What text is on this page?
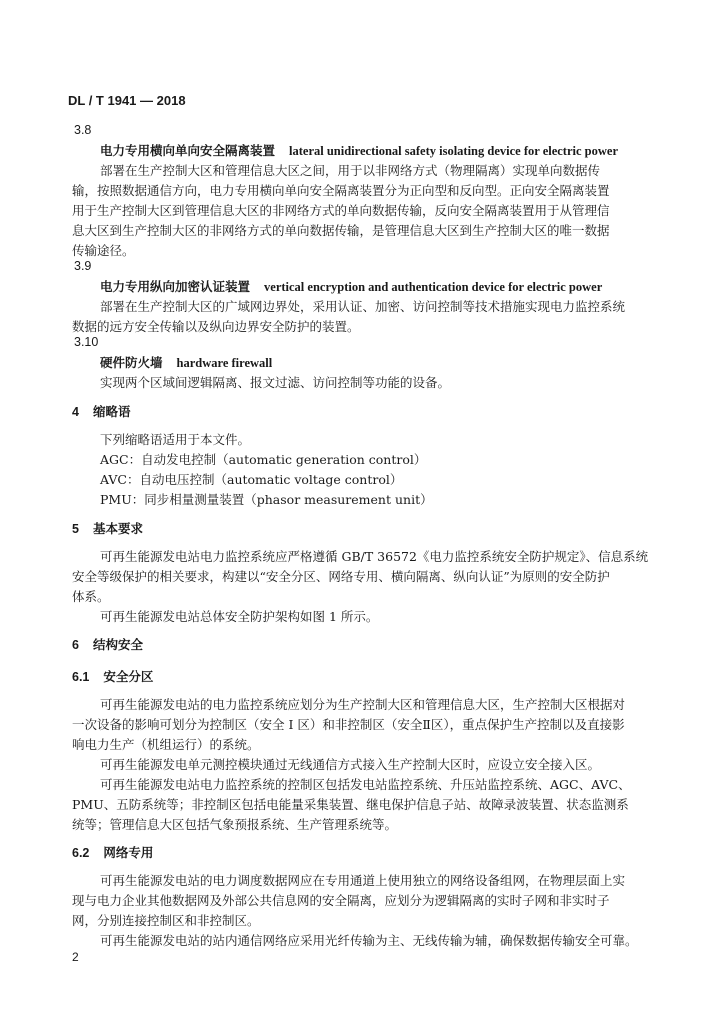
DL / T 1941 — 2018
3.8
电力专用横向单向安全隔离装置 lateral unidirectional safety isolating device for electric power
部署在生产控制大区和管理信息大区之间，用于以非网络方式（物理隔离）实现单向数据传
输，按照数据通信方向，电力专用横向单向安全隔离装置分为正向型和反向型。正向安全隔离装置
用于生产控制大区到管理信息大区的非网络方式的单向数据传输，反向安全隔离装置用于从管理信
息大区到生产控制大区的非网络方式的单向数据传输，是管理信息大区到生产控制大区的唯一数据
传输途径。
3.9
电力专用纵向加密认证装置 vertical encryption and authentication device for electric power
部署在生产控制大区的广域网边界处，采用认证、加密、访问控制等技术措施实现电力监控系统
数据的远方安全传输以及纵向边界安全防护的装置。
3.10
硬件防火墙 hardware firewall
实现两个区域间逻辑隔离、报文过滤、访问控制等功能的设备。
4 缩略语
下列缩略语适用于本文件。
AGC：自动发电控制（automatic generation control）
AVC：自动电压控制（automatic voltage control）
PMU：同步相量测量装置（phasor measurement unit）
5 基本要求
可再生能源发电站电力监控系统应严格遵循 GB/T 36572《电力监控系统安全防护规定》、信息系统
安全等级保护的相关要求，构建以“安全分区、网络专用、横向隔离、纵向认证”为原则的安全防护
体系。
可再生能源发电站总体安全防护架构如图 1 所示。
6 结构安全
6.1 安全分区
可再生能源发电站的电力监控系统应划分为生产控制大区和管理信息大区，生产控制大区根据对
一次设备的影响可划分为控制区（安全 I 区）和非控制区（安全Ⅱ区），重点保护生产控制以及直接影
响电力生产（机组运行）的系统。
可再生能源发电单元测控模块通过无线通信方式接入生产控制大区时，应设立安全接入区。
可再生能源发电站电力监控系统的控制区包括发电站监控系统、升压站监控系统、AGC、AVC、
PMU、五防系统等；非控制区包括电能量采集装置、继电保护信息子站、故障录波装置、状态监测系
统等；管理信息大区包括气象预报系统、生产管理系统等。
6.2 网络专用
可再生能源发电站的电力调度数据网应在专用通道上使用独立的网络设备组网，在物理层面上实
现与电力企业其他数据网及外部公共信息网的安全隔离，应划分为逻辑隔离的实时子网和非实时子
网，分别连接控制区和非控制区。
可再生能源发电站的站内通信网络应采用光纤传输为主、无线传输为辅，确保数据传输安全可靠。
2
